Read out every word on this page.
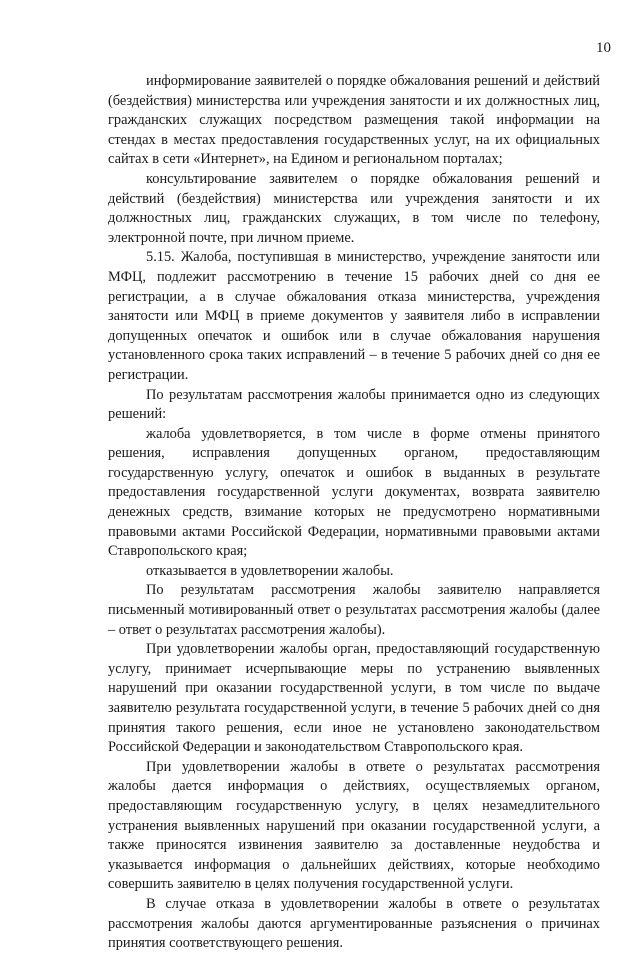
10

информирование заявителей о порядке обжалования решений и действий (бездействия) министерства или учреждения занятости и их должностных лиц, гражданских служащих посредством размещения такой информации на стендах в местах предоставления государственных услуг, на их официальных сайтах в сети «Интернет», на Едином и региональном порталах;

консультирование заявителем о порядке обжалования решений и действий (бездействия) министерства или учреждения занятости и их должностных лиц, гражданских служащих, в том числе по телефону, электронной почте, при личном приеме.

5.15. Жалоба, поступившая в министерство, учреждение занятости или МФЦ, подлежит рассмотрению в течение 15 рабочих дней со дня ее регистрации, а в случае обжалования отказа министерства, учреждения занятости или МФЦ в приеме документов у заявителя либо в исправлении допущенных опечаток и ошибок или в случае обжалования нарушения установленного срока таких исправлений – в течение 5 рабочих дней со дня ее регистрации.

По результатам рассмотрения жалобы принимается одно из следующих решений:

жалоба удовлетворяется, в том числе в форме отмены принятого решения, исправления допущенных органом, предоставляющим государственную услугу, опечаток и ошибок в выданных в результате предоставления государственной услуги документах, возврата заявителю денежных средств, взимание которых не предусмотрено нормативными правовыми актами Российской Федерации, нормативными правовыми актами Ставропольского края;

отказывается в удовлетворении жалобы.

По результатам рассмотрения жалобы заявителю направляется письменный мотивированный ответ о результатах рассмотрения жалобы (далее – ответ о результатах рассмотрения жалобы).

При удовлетворении жалобы орган, предоставляющий государственную услугу, принимает исчерпывающие меры по устранению выявленных нарушений при оказании государственной услуги, в том числе по выдаче заявителю результата государственной услуги, в течение 5 рабочих дней со дня принятия такого решения, если иное не установлено законодательством Российской Федерации и законодательством Ставропольского края.

При удовлетворении жалобы в ответе о результатах рассмотрения жалобы дается информация о действиях, осуществляемых органом, предоставляющим государственную услугу, в целях незамедлительного устранения выявленных нарушений при оказании государственной услуги, а также приносятся извинения заявителю за доставленные неудобства и указывается информация о дальнейших действиях, которые необходимо совершить заявителю в целях получения государственной услуги.

В случае отказа в удовлетворении жалобы в ответе о результатах рассмотрения жалобы даются аргументированные разъяснения о причинах принятия соответствующего решения.
